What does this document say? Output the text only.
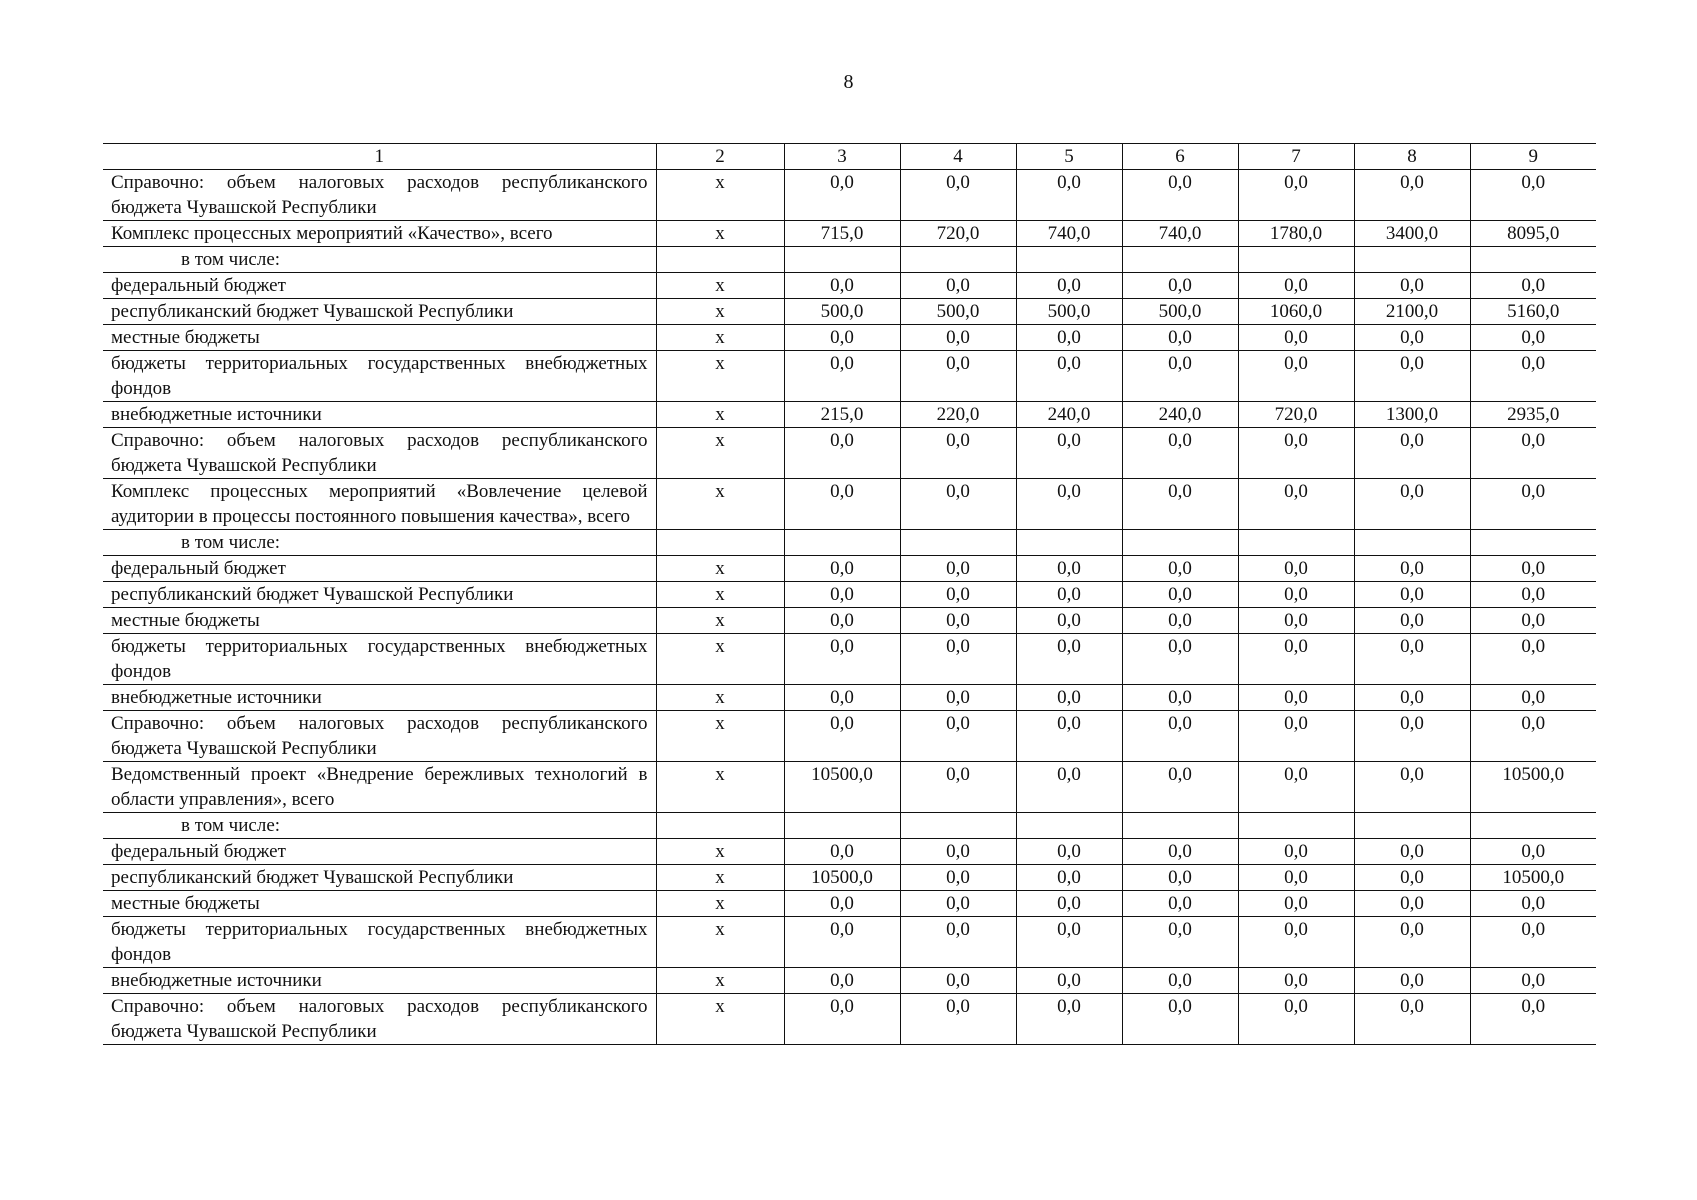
8
1	2	3	4	5	6	7	8	9
Справочно: объем налоговых расходов республиканского бюджета Чувашской Республики	х	0,0	0,0	0,0	0,0	0,0	0,0	0,0
Комплекс процессных мероприятий «Качество», всего	х	715,0	720,0	740,0	740,0	1780,0	3400,0	8095,0
в том числе:								
федеральный бюджет	х	0,0	0,0	0,0	0,0	0,0	0,0	0,0
республиканский бюджет Чувашской Республики	х	500,0	500,0	500,0	500,0	1060,0	2100,0	5160,0
местные бюджеты	х	0,0	0,0	0,0	0,0	0,0	0,0	0,0
бюджеты территориальных государственных внебюджетных фондов	х	0,0	0,0	0,0	0,0	0,0	0,0	0,0
внебюджетные источники	х	215,0	220,0	240,0	240,0	720,0	1300,0	2935,0
Справочно: объем налоговых расходов республиканского бюджета Чувашской Республики	х	0,0	0,0	0,0	0,0	0,0	0,0	0,0
Комплекс процессных мероприятий «Вовлечение целевой аудитории в процессы постоянного повышения качества», всего	х	0,0	0,0	0,0	0,0	0,0	0,0	0,0
в том числе:								
федеральный бюджет	х	0,0	0,0	0,0	0,0	0,0	0,0	0,0
республиканский бюджет Чувашской Республики	х	0,0	0,0	0,0	0,0	0,0	0,0	0,0
местные бюджеты	х	0,0	0,0	0,0	0,0	0,0	0,0	0,0
бюджеты территориальных государственных внебюджетных фондов	х	0,0	0,0	0,0	0,0	0,0	0,0	0,0
внебюджетные источники	х	0,0	0,0	0,0	0,0	0,0	0,0	0,0
Справочно: объем налоговых расходов республиканского бюджета Чувашской Республики	х	0,0	0,0	0,0	0,0	0,0	0,0	0,0
Ведомственный проект «Внедрение бережливых технологий в области управления», всего	х	10500,0	0,0	0,0	0,0	0,0	0,0	10500,0
в том числе:								
федеральный бюджет	х	0,0	0,0	0,0	0,0	0,0	0,0	0,0
республиканский бюджет Чувашской Республики	х	10500,0	0,0	0,0	0,0	0,0	0,0	10500,0
местные бюджеты	х	0,0	0,0	0,0	0,0	0,0	0,0	0,0
бюджеты территориальных государственных внебюджетных фондов	х	0,0	0,0	0,0	0,0	0,0	0,0	0,0
внебюджетные источники	х	0,0	0,0	0,0	0,0	0,0	0,0	0,0
Справочно: объем налоговых расходов республиканского бюджета Чувашской Республики	х	0,0	0,0	0,0	0,0	0,0	0,0	0,0
